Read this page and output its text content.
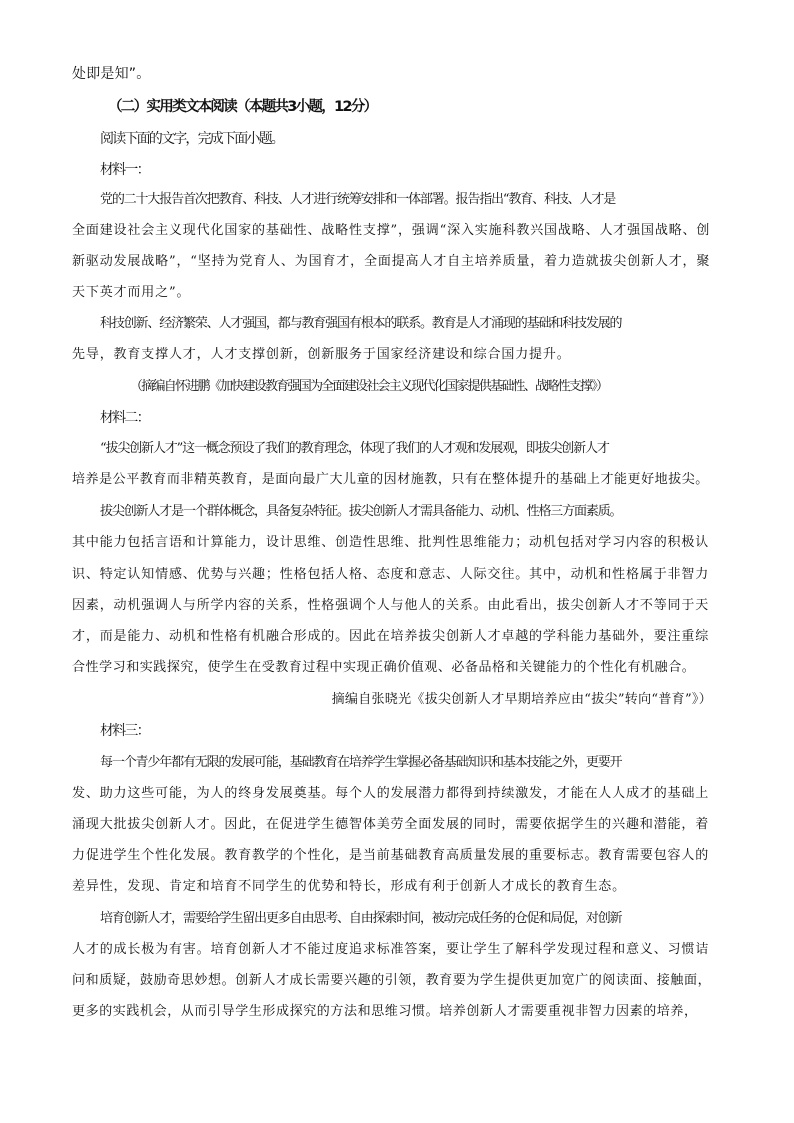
处即是知”。
（二）实用类文本阅读（本题共3小题，12分）
阅读下面的文字，完成下面小题。
材料一：
党的二十大报告首次把教育、科技、人才进行统筹安排和一体部署。报告指出“教育、科技、人才是
全面建设社会主义现代化国家的基础性、战略性支撑”，强调“深入实施科教兴国战略、人才强国战略、创
新驱动发展战略”，“坚持为党育人、为国育才，全面提高人才自主培养质量，着力造就拔尖创新人才，聚
天下英才而用之”。
科技创新、经济繁荣、人才强国，都与教育强国有根本的联系。教育是人才涌现的基础和科技发展的
先导，教育支撑人才，人才支撑创新，创新服务于国家经济建设和综合国力提升。
（摘编自怀进鹏《加快建设教育强国为全面建设社会主义现代化国家提供基础性、战略性支撑》）
材料二：
“拔尖创新人才”这一概念预设了我们的教育理念，体现了我们的人才观和发展观，即拔尖创新人才
培养是公平教育而非精英教育，是面向最广大儿童的因材施教，只有在整体提升的基础上才能更好地拔尖。
拔尖创新人才是一个群体概念，具备复杂特征。拔尖创新人才需具备能力、动机、性格三方面素质。
其中能力包括言语和计算能力，设计思维、创造性思维、批判性思维能力；动机包括对学习内容的积极认
识、特定认知情感、优势与兴趣；性格包括人格、态度和意志、人际交往。其中，动机和性格属于非智力
因素，动机强调人与所学内容的关系，性格强调个人与他人的关系。由此看出，拔尖创新人才不等同于天
才，而是能力、动机和性格有机融合形成的。因此在培养拔尖创新人才卓越的学科能力基础外，要注重综
合性学习和实践探究，使学生在受教育过程中实现正确价值观、必备品格和关键能力的个性化有机融合。
摘编自张晓光《拔尖创新人才早期培养应由“拔尖”转向“普育”》）
材料三：
每一个青少年都有无限的发展可能，基础教育在培养学生掌握必备基础知识和基本技能之外，更要开
发、助力这些可能，为人的终身发展奠基。每个人的发展潜力都得到持续激发，才能在人人成才的基础上
涌现大批拔尖创新人才。因此，在促进学生德智体美劳全面发展的同时，需要依据学生的兴趣和潜能，着
力促进学生个性化发展。教育教学的个性化，是当前基础教育高质量发展的重要标志。教育需要包容人的
差异性，发现、肯定和培育不同学生的优势和特长，形成有利于创新人才成长的教育生态。
培育创新人才，需要给学生留出更多自由思考、自由探索时间，被动完成任务的仓促和局促，对创新
人才的成长极为有害。培育创新人才不能过度追求标准答案，要让学生了解科学发现过程和意义、习惯诘
问和质疑，鼓励奇思妙想。创新人才成长需要兴趣的引领，教育要为学生提供更加宽广的阅读面、接触面，
更多的实践机会，从而引导学生形成探究的方法和思维习惯。培养创新人才需要重视非智力因素的培养，
